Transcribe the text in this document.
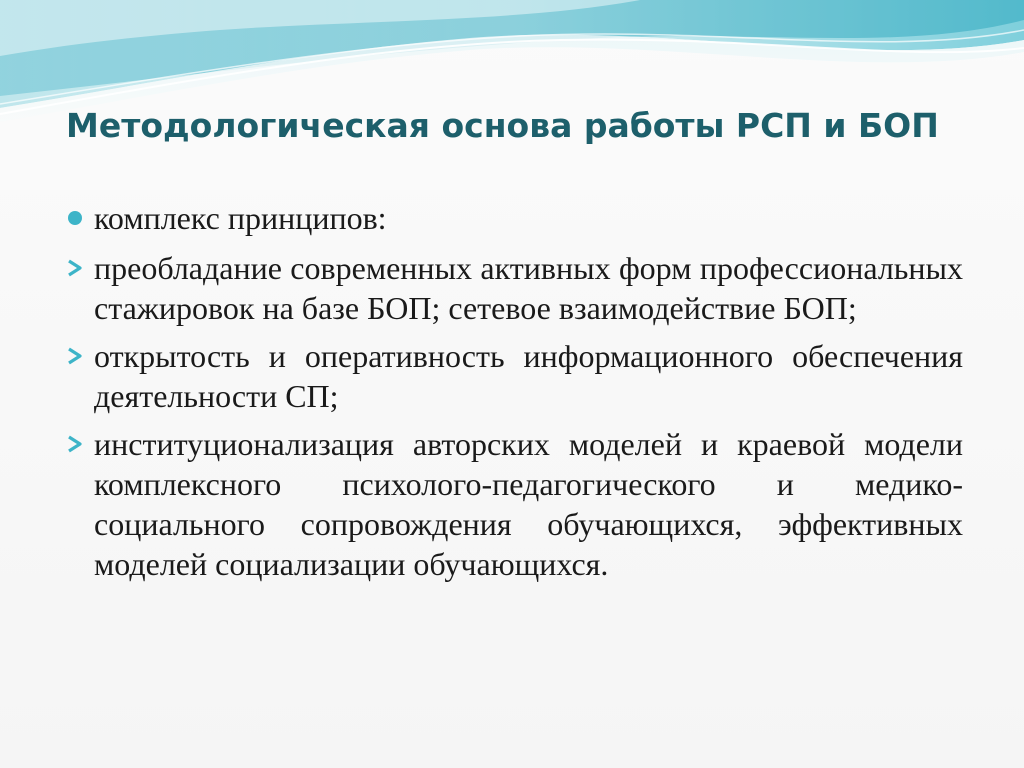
Методологическая основа работы РСП и БОП
комплекс принципов:
преобладание современных активных форм профессиональных стажировок на базе БОП; сетевое взаимодействие БОП;
открытость и оперативность информационного обеспечения деятельности СП;
институционализация авторских моделей и краевой модели комплексного психолого-педагогического и медико-социального сопровождения обучающихся, эффективных моделей социализации обучающихся.
